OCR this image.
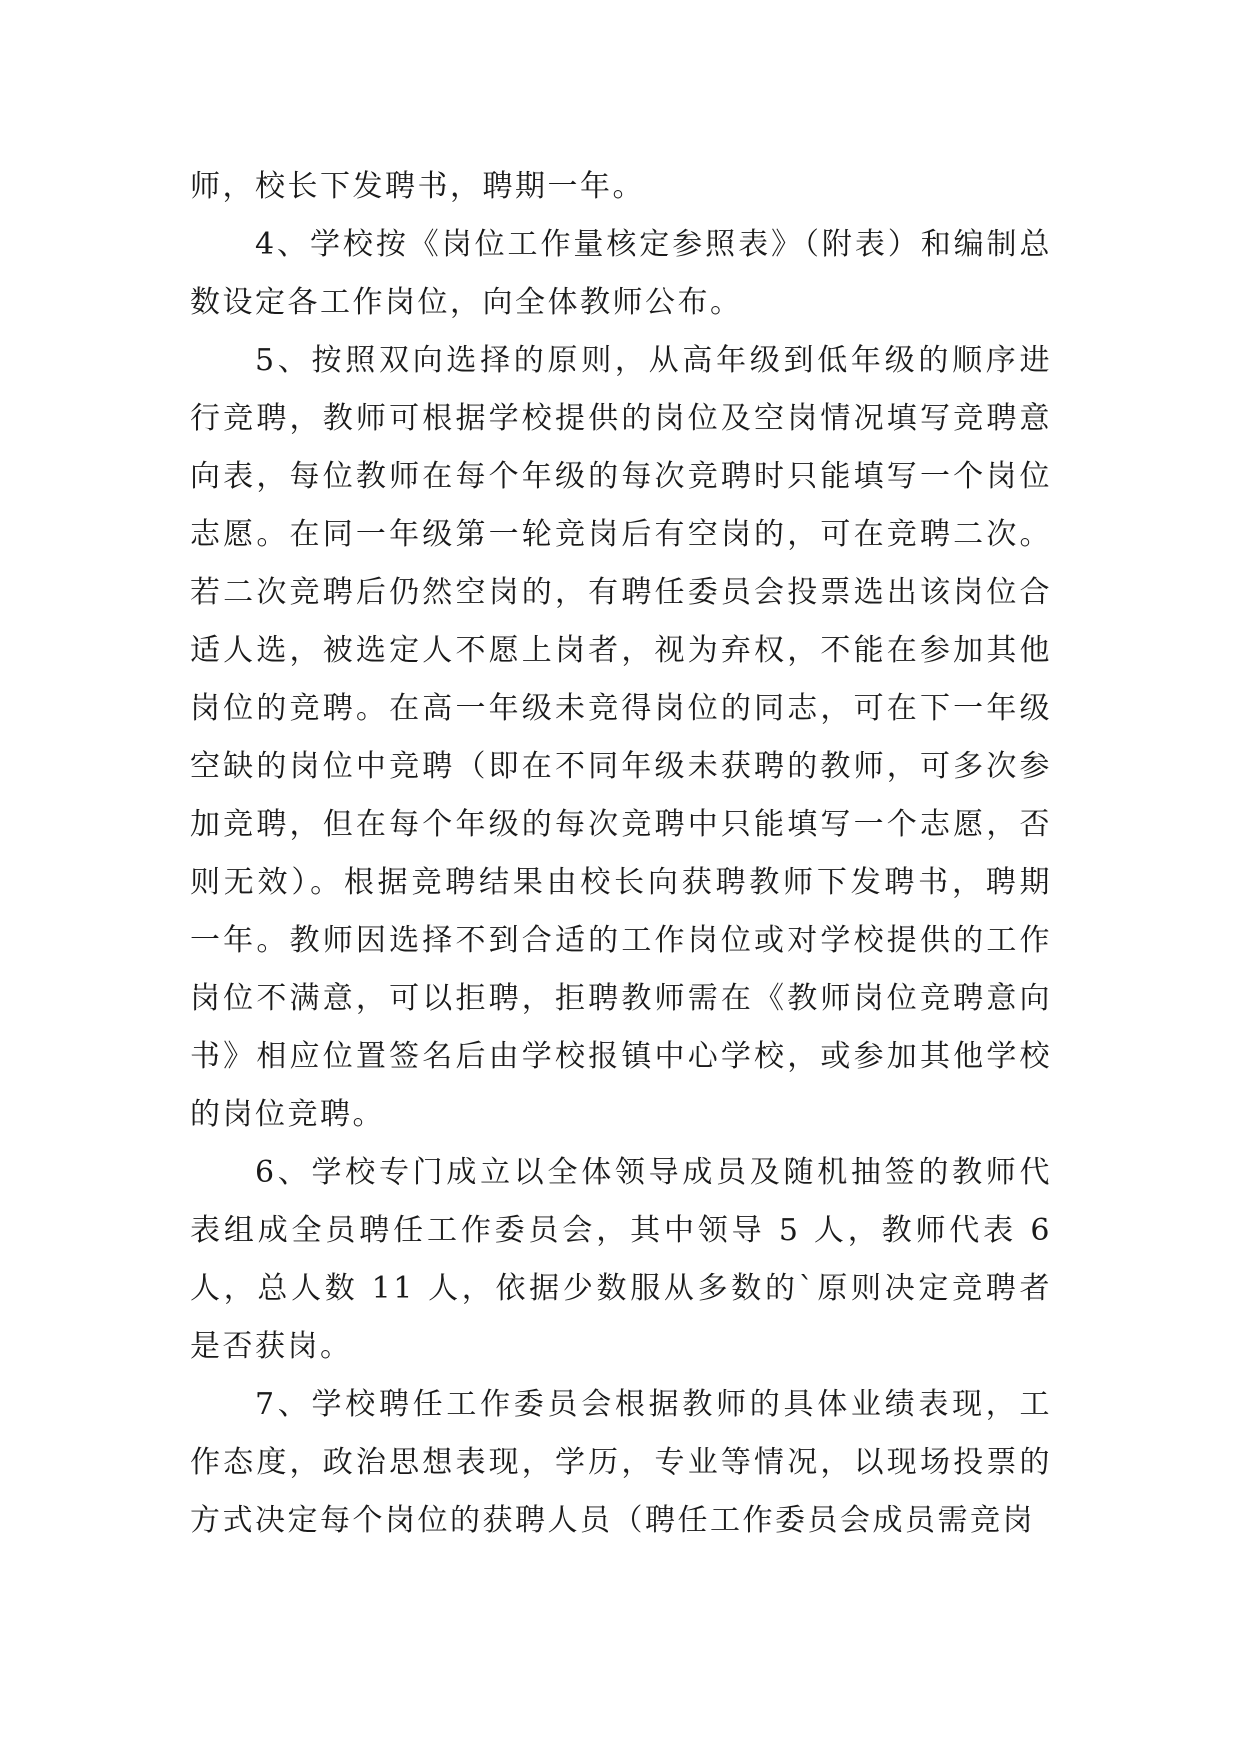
师，校长下发聘书，聘期一年。

4、学校按《岗位工作量核定参照表》（附表）和编制总数设定各工作岗位，向全体教师公布。

5、按照双向选择的原则，从高年级到低年级的顺序进行竞聘，教师可根据学校提供的岗位及空岗情况填写竞聘意向表，每位教师在每个年级的每次竞聘时只能填写一个岗位志愿。在同一年级第一轮竞岗后有空岗的，可在竞聘二次。若二次竞聘后仍然空岗的，有聘任委员会投票选出该岗位合适人选，被选定人不愿上岗者，视为弃权，不能在参加其他岗位的竞聘。在高一年级未竞得岗位的同志，可在下一年级空缺的岗位中竞聘（即在不同年级未获聘的教师，可多次参加竞聘，但在每个年级的每次竞聘中只能填写一个志愿，否则无效）。根据竞聘结果由校长向获聘教师下发聘书，聘期一年。教师因选择不到合适的工作岗位或对学校提供的工作岗位不满意，可以拒聘，拒聘教师需在《教师岗位竞聘意向书》相应位置签名后由学校报镇中心学校，或参加其他学校的岗位竞聘。

6、学校专门成立以全体领导成员及随机抽签的教师代表组成全员聘任工作委员会，其中领导 5 人，教师代表 6 人，总人数 11 人，依据少数服从多数的`原则决定竞聘者是否获岗。

7、学校聘任工作委员会根据教师的具体业绩表现，工作态度，政治思想表现，学历，专业等情况，以现场投票的方式决定每个岗位的获聘人员（聘任工作委员会成员需竞岗
